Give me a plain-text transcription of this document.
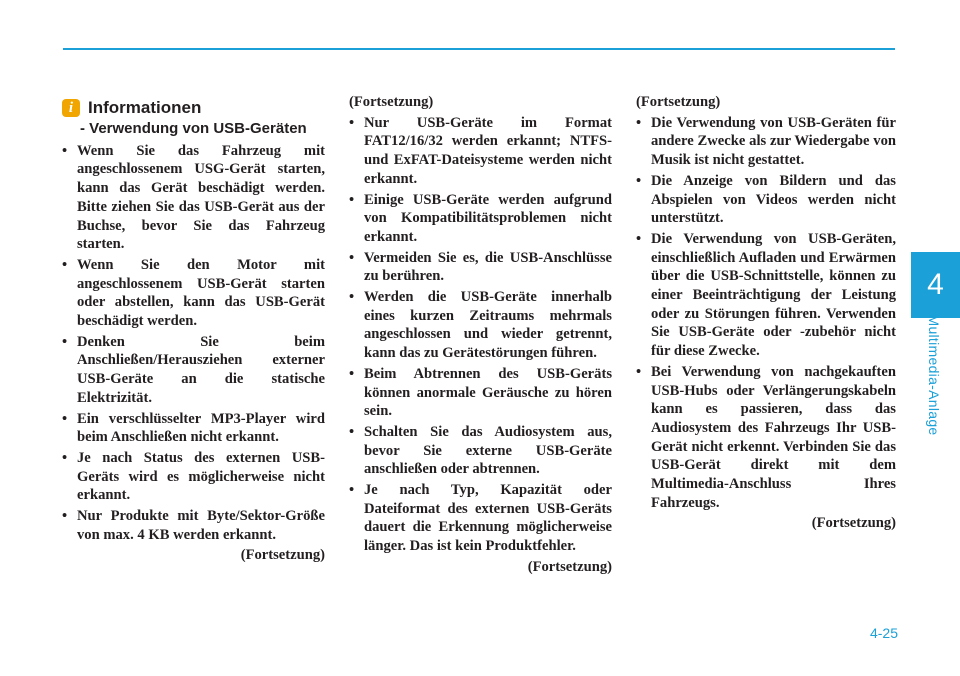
4
Multimedia-Anlage
i Informationen
- Verwendung von USB-Geräten
• Wenn Sie das Fahrzeug mit angeschlossenem USG-Gerät starten, kann das Gerät beschädigt werden. Bitte ziehen Sie das USB-Gerät aus der Buchse, bevor Sie das Fahrzeug starten.
• Wenn Sie den Motor mit angeschlossenem USB-Gerät starten oder abstellen, kann das USB-Gerät beschädigt werden.
• Denken Sie beim Anschließen/Herausziehen externer USB-Geräte an die statische Elektrizität.
• Ein verschlüsselter MP3-Player wird beim Anschließen nicht erkannt.
• Je nach Status des externen USB-Geräts wird es möglicherweise nicht erkannt.
• Nur Produkte mit Byte/Sektor-Größe von max. 4 KB werden erkannt.
(Fortsetzung)
(Fortsetzung)
• Nur USB-Geräte im Format FAT12/16/32 werden erkannt; NTFS- und ExFAT-Dateisysteme werden nicht erkannt.
• Einige USB-Geräte werden aufgrund von Kompatibilitätsproblemen nicht erkannt.
• Vermeiden Sie es, die USB-Anschlüsse zu berühren.
• Werden die USB-Geräte innerhalb eines kurzen Zeitraums mehrmals angeschlossen und wieder getrennt, kann das zu Gerätestörungen führen.
• Beim Abtrennen des USB-Geräts können anormale Geräusche zu hören sein.
• Schalten Sie das Audiosystem aus, bevor Sie externe USB-Geräte anschließen oder abtrennen.
• Je nach Typ, Kapazität oder Dateiformat des externen USB-Geräts dauert die Erkennung möglicherweise länger. Das ist kein Produktfehler.
(Fortsetzung)
(Fortsetzung)
• Die Verwendung von USB-Geräten für andere Zwecke als zur Wiedergabe von Musik ist nicht gestattet.
• Die Anzeige von Bildern und das Abspielen von Videos werden nicht unterstützt.
• Die Verwendung von USB-Geräten, einschließlich Aufladen und Erwärmen über die USB-Schnittstelle, können zu einer Beeinträchtigung der Leistung oder zu Störungen führen. Verwenden Sie USB-Geräte oder -zubehör nicht für diese Zwecke.
• Bei Verwendung von nachgekauften USB-Hubs oder Verlängerungskabeln kann es passieren, dass das Audiosystem des Fahrzeugs Ihr USB-Gerät nicht erkennt. Verbinden Sie das USB-Gerät direkt mit dem Multimedia-Anschluss Ihres Fahrzeugs.
(Fortsetzung)
4-25
